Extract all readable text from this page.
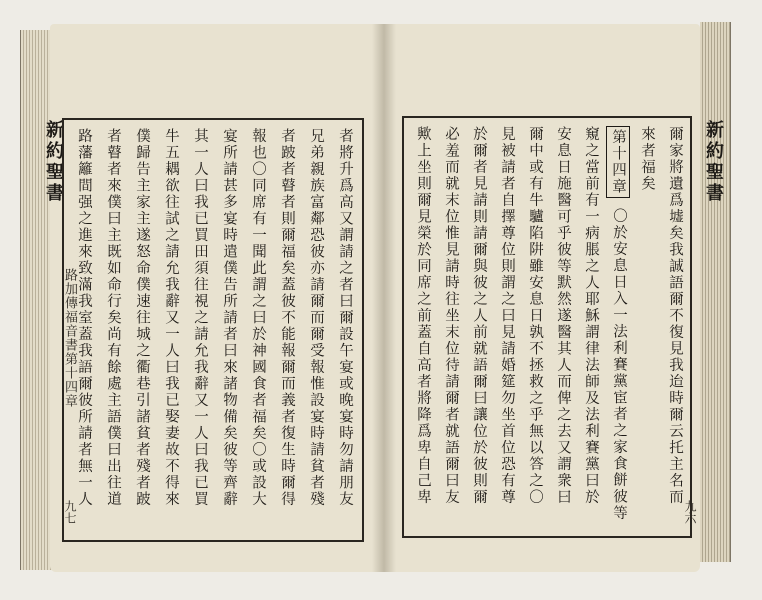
新約聖書
路加傳福音書第十四章
九七
者將升爲高又謂請之者曰爾設午宴或晚宴時勿請朋友
兄弟親族富鄰恐彼亦請爾而爾受報惟設宴時請貧者殘
者跛者瞽者則爾福矣蓋彼不能報爾而義者復生時爾得
報也〇同席有一聞此謂之曰於神國食者福矣〇或設大
宴所請甚多宴時遣僕告所請者曰來諸物備矣彼等齊辭
其一人曰我已買田須往視之請允我辭又一人曰我已買
牛五耦欲往試之請允我辭又一人曰我已娶妻故不得來
僕歸告主家主遂怒命僕速往城之衢巷引諸貧者殘者跛
者瞽者來僕曰主既如命行矣尚有餘處主語僕曰出往道
路藩籬間强之進來致滿我室蓋我語爾彼所請者無一人	新約聖書
九六
爾家將遺爲墟矣我誠語爾不復見我迨時爾云托主名而
來者福矣
第十四章
〇於安息日入一法利賽黨宦者之家食餅彼等
窺之當前有一病脹之人耶穌謂律法師及法利賽黨曰於
安息日施醫可乎彼等默然遂醫其人而俾之去又謂衆曰
爾中或有牛驢陷阱雖安息日孰不拯救之乎無以答之〇
見被請者自擇尊位則謂之曰見請婚筵勿坐首位恐有尊
於爾者見請則請爾與彼之人前就語爾曰讓位於彼則爾
必羞而就末位惟見請時往坐末位待請爾者就語爾曰友
歟上坐則爾見榮於同席之前蓋自高者將降爲卑自己卑
